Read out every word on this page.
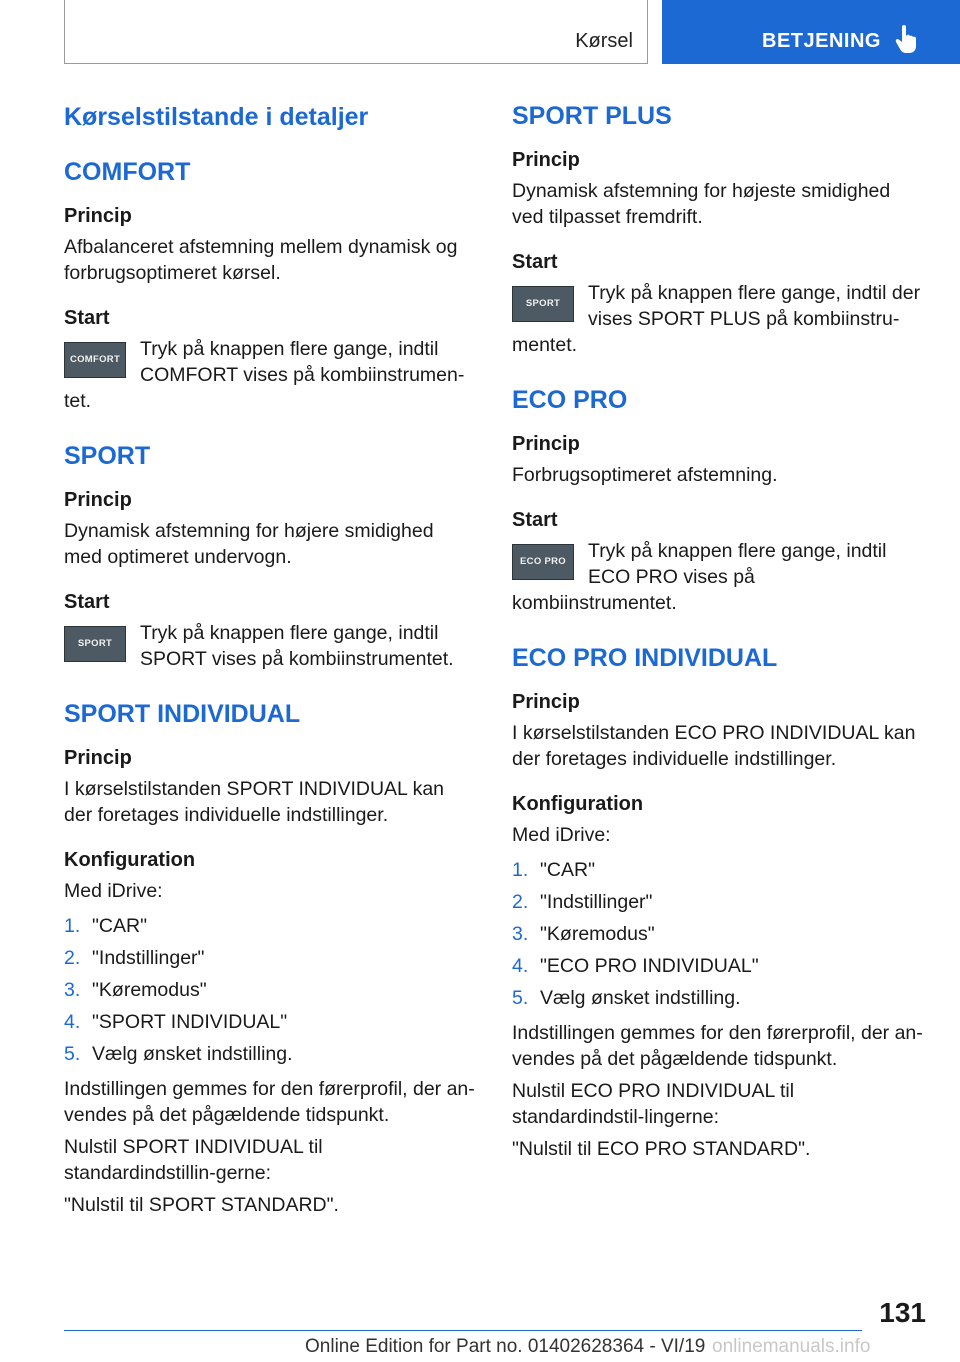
Kørsel	BETJENING
Kørselstilstande i detaljer
COMFORT
Princip
Afbalanceret afstemning mellem dynamisk og forbrugsoptimeret kørsel.
Start
COMFORT	Tryk på knappen flere gange, indtil COMFORT vises på kombiinstrumen‐tet.
SPORT
Princip
Dynamisk afstemning for højere smidighed med optimeret undervogn.
Start
SPORT	Tryk på knappen flere gange, indtil SPORT vises på kombiinstrumentet.
SPORT INDIVIDUAL
Princip
I kørselstilstanden SPORT INDIVIDUAL kan der foretages individuelle indstillinger.
Konfiguration
Med iDrive:
1. "CAR"
2. "Indstillinger"
3. "Køremodus"
4. "SPORT INDIVIDUAL"
5. Vælg ønsket indstilling.
Indstillingen gemmes for den førerprofil, der an‐vendes på det pågældende tidspunkt.
Nulstil SPORT INDIVIDUAL til standardindstillin‐gerne:
"Nulstil til SPORT STANDARD".
SPORT PLUS
Princip
Dynamisk afstemning for højeste smidighed ved tilpasset fremdrift.
Start
SPORT	Tryk på knappen flere gange, indtil der vises SPORT PLUS på kombiinstru‐mentet.
ECO PRO
Princip
Forbrugsoptimeret afstemning.
Start
ECO PRO	Tryk på knappen flere gange, indtil ECO PRO vises på kombiinstrumentet.
ECO PRO INDIVIDUAL
Princip
I kørselstilstanden ECO PRO INDIVIDUAL kan der foretages individuelle indstillinger.
Konfiguration
Med iDrive:
1. "CAR"
2. "Indstillinger"
3. "Køremodus"
4. "ECO PRO INDIVIDUAL"
5. Vælg ønsket indstilling.
Indstillingen gemmes for den førerprofil, der an‐vendes på det pågældende tidspunkt.
Nulstil ECO PRO INDIVIDUAL til standardindstil‐lingerne:
"Nulstil til ECO PRO STANDARD".
131
Online Edition for Part no. 01402628364 - VI/19 onlinemanuals.info
